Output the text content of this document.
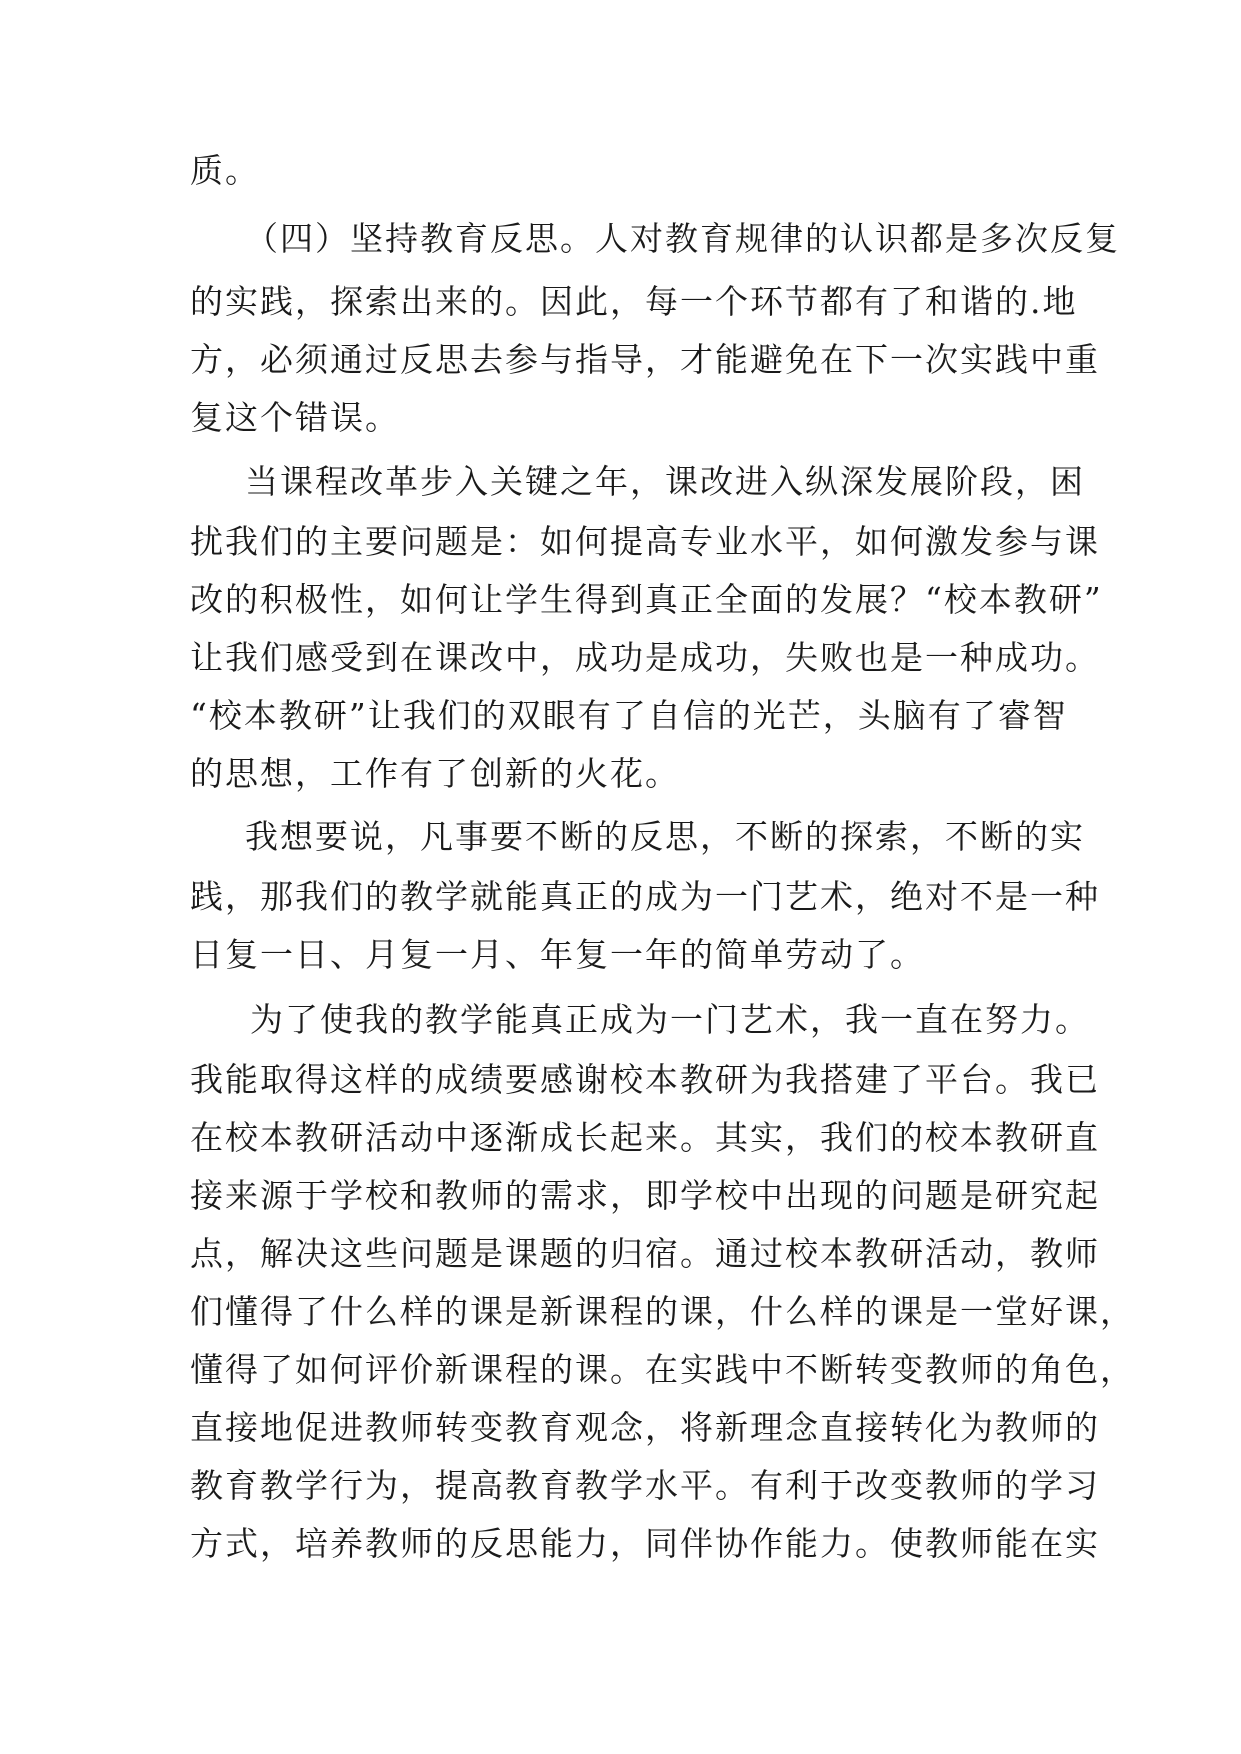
质。
（四）坚持教育反思。人对教育规律的认识都是多次反复
的实践，探索出来的。因此，每一个环节都有了和谐的.地
方，必须通过反思去参与指导，才能避免在下一次实践中重
复这个错误。
当课程改革步入关键之年，课改进入纵深发展阶段，困
扰我们的主要问题是：如何提高专业水平，如何激发参与课
改的积极性，如何让学生得到真正全面的发展？“校本教研”
让我们感受到在课改中，成功是成功，失败也是一种成功。
“校本教研”让我们的双眼有了自信的光芒，头脑有了睿智
的思想，工作有了创新的火花。
我想要说，凡事要不断的反思，不断的探索，不断的实
践，那我们的教学就能真正的成为一门艺术，绝对不是一种
日复一日、月复一月、年复一年的简单劳动了。
为了使我的教学能真正成为一门艺术，我一直在努力。
我能取得这样的成绩要感谢校本教研为我搭建了平台。我已
在校本教研活动中逐渐成长起来。其实，我们的校本教研直
接来源于学校和教师的需求，即学校中出现的问题是研究起
点，解决这些问题是课题的归宿。通过校本教研活动，教师
们懂得了什么样的课是新课程的课，什么样的课是一堂好课，
懂得了如何评价新课程的课。在实践中不断转变教师的角色，
直接地促进教师转变教育观念，将新理念直接转化为教师的
教育教学行为，提高教育教学水平。有利于改变教师的学习
方式，培养教师的反思能力，同伴协作能力。使教师能在实
